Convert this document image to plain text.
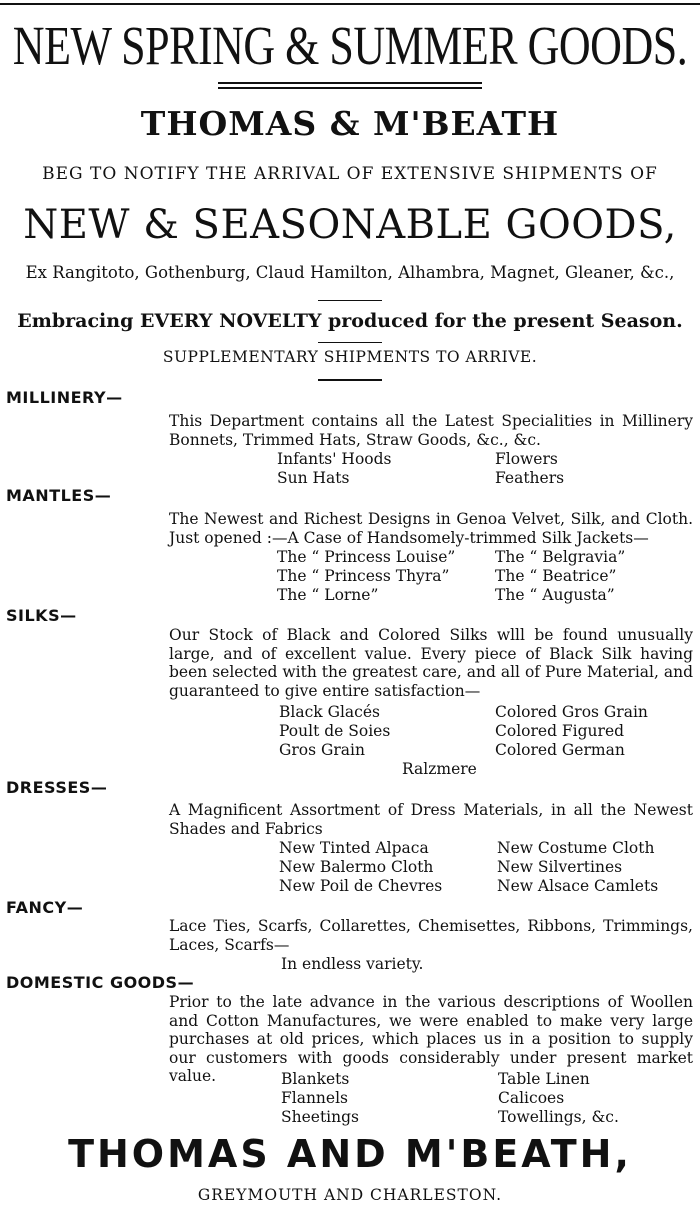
NEW SPRING & SUMMER GOODS.
THOMAS & M'BEATH
BEG TO NOTIFY THE ARRIVAL OF EXTENSIVE SHIPMENTS OF
NEW & SEASONABLE GOODS,
Ex Rangitoto, Gothenburg, Claud Hamilton, Alhambra, Magnet, Gleaner, &c.,
Embracing EVERY NOVELTY produced for the present Season.
SUPPLEMENTARY SHIPMENTS TO ARRIVE.
MILLINERY—
This Department contains all the Latest Specialities in Millinery Bonnets, Trimmed Hats, Straw Goods, &c., &c.
Infants' Hoods
Sun Hats
Flowers
Feathers
MANTLES—
The Newest and Richest Designs in Genoa Velvet, Silk, and Cloth. Just opened :—A Case of Handsomely-trimmed Silk Jackets—
The “ Princess Louise”
The “ Princess Thyra”
The “ Lorne”
The “ Belgravia”
The “ Beatrice”
The “ Augusta”
SILKS—
Our Stock of Black and Colored Silks wlll be found unusually large, and of excellent value. Every piece of Black Silk having been selected with the greatest care, and all of Pure Material, and guaranteed to give entire satisfaction—
Black Glacés
Poult de Soies
Gros Grain
Colored Gros Grain
Colored Figured
Colored German
Ralzmere
DRESSES—
A Magnificent Assortment of Dress Materials, in all the Newest Shades and Fabrics
New Tinted Alpaca
New Balermo Cloth
New Poil de Chevres
New Costume Cloth
New Silvertines
New Alsace Camlets
FANCY—
Lace Ties, Scarfs, Collarettes, Chemisettes, Ribbons, Trimmings, Laces, Scarfs—
In endless variety.
DOMESTIC GOODS—
Prior to the late advance in the various descriptions of Woollen and Cotton Manufactures, we were enabled to make very large purchases at old prices, which places us in a position to supply our customers with goods considerably under present market value.	Blankets
Flannels
Sheetings
Table Linen
Calicoes
Towellings, &c.
THOMAS AND M'BEATH,
GREYMOUTH AND CHARLESTON.
